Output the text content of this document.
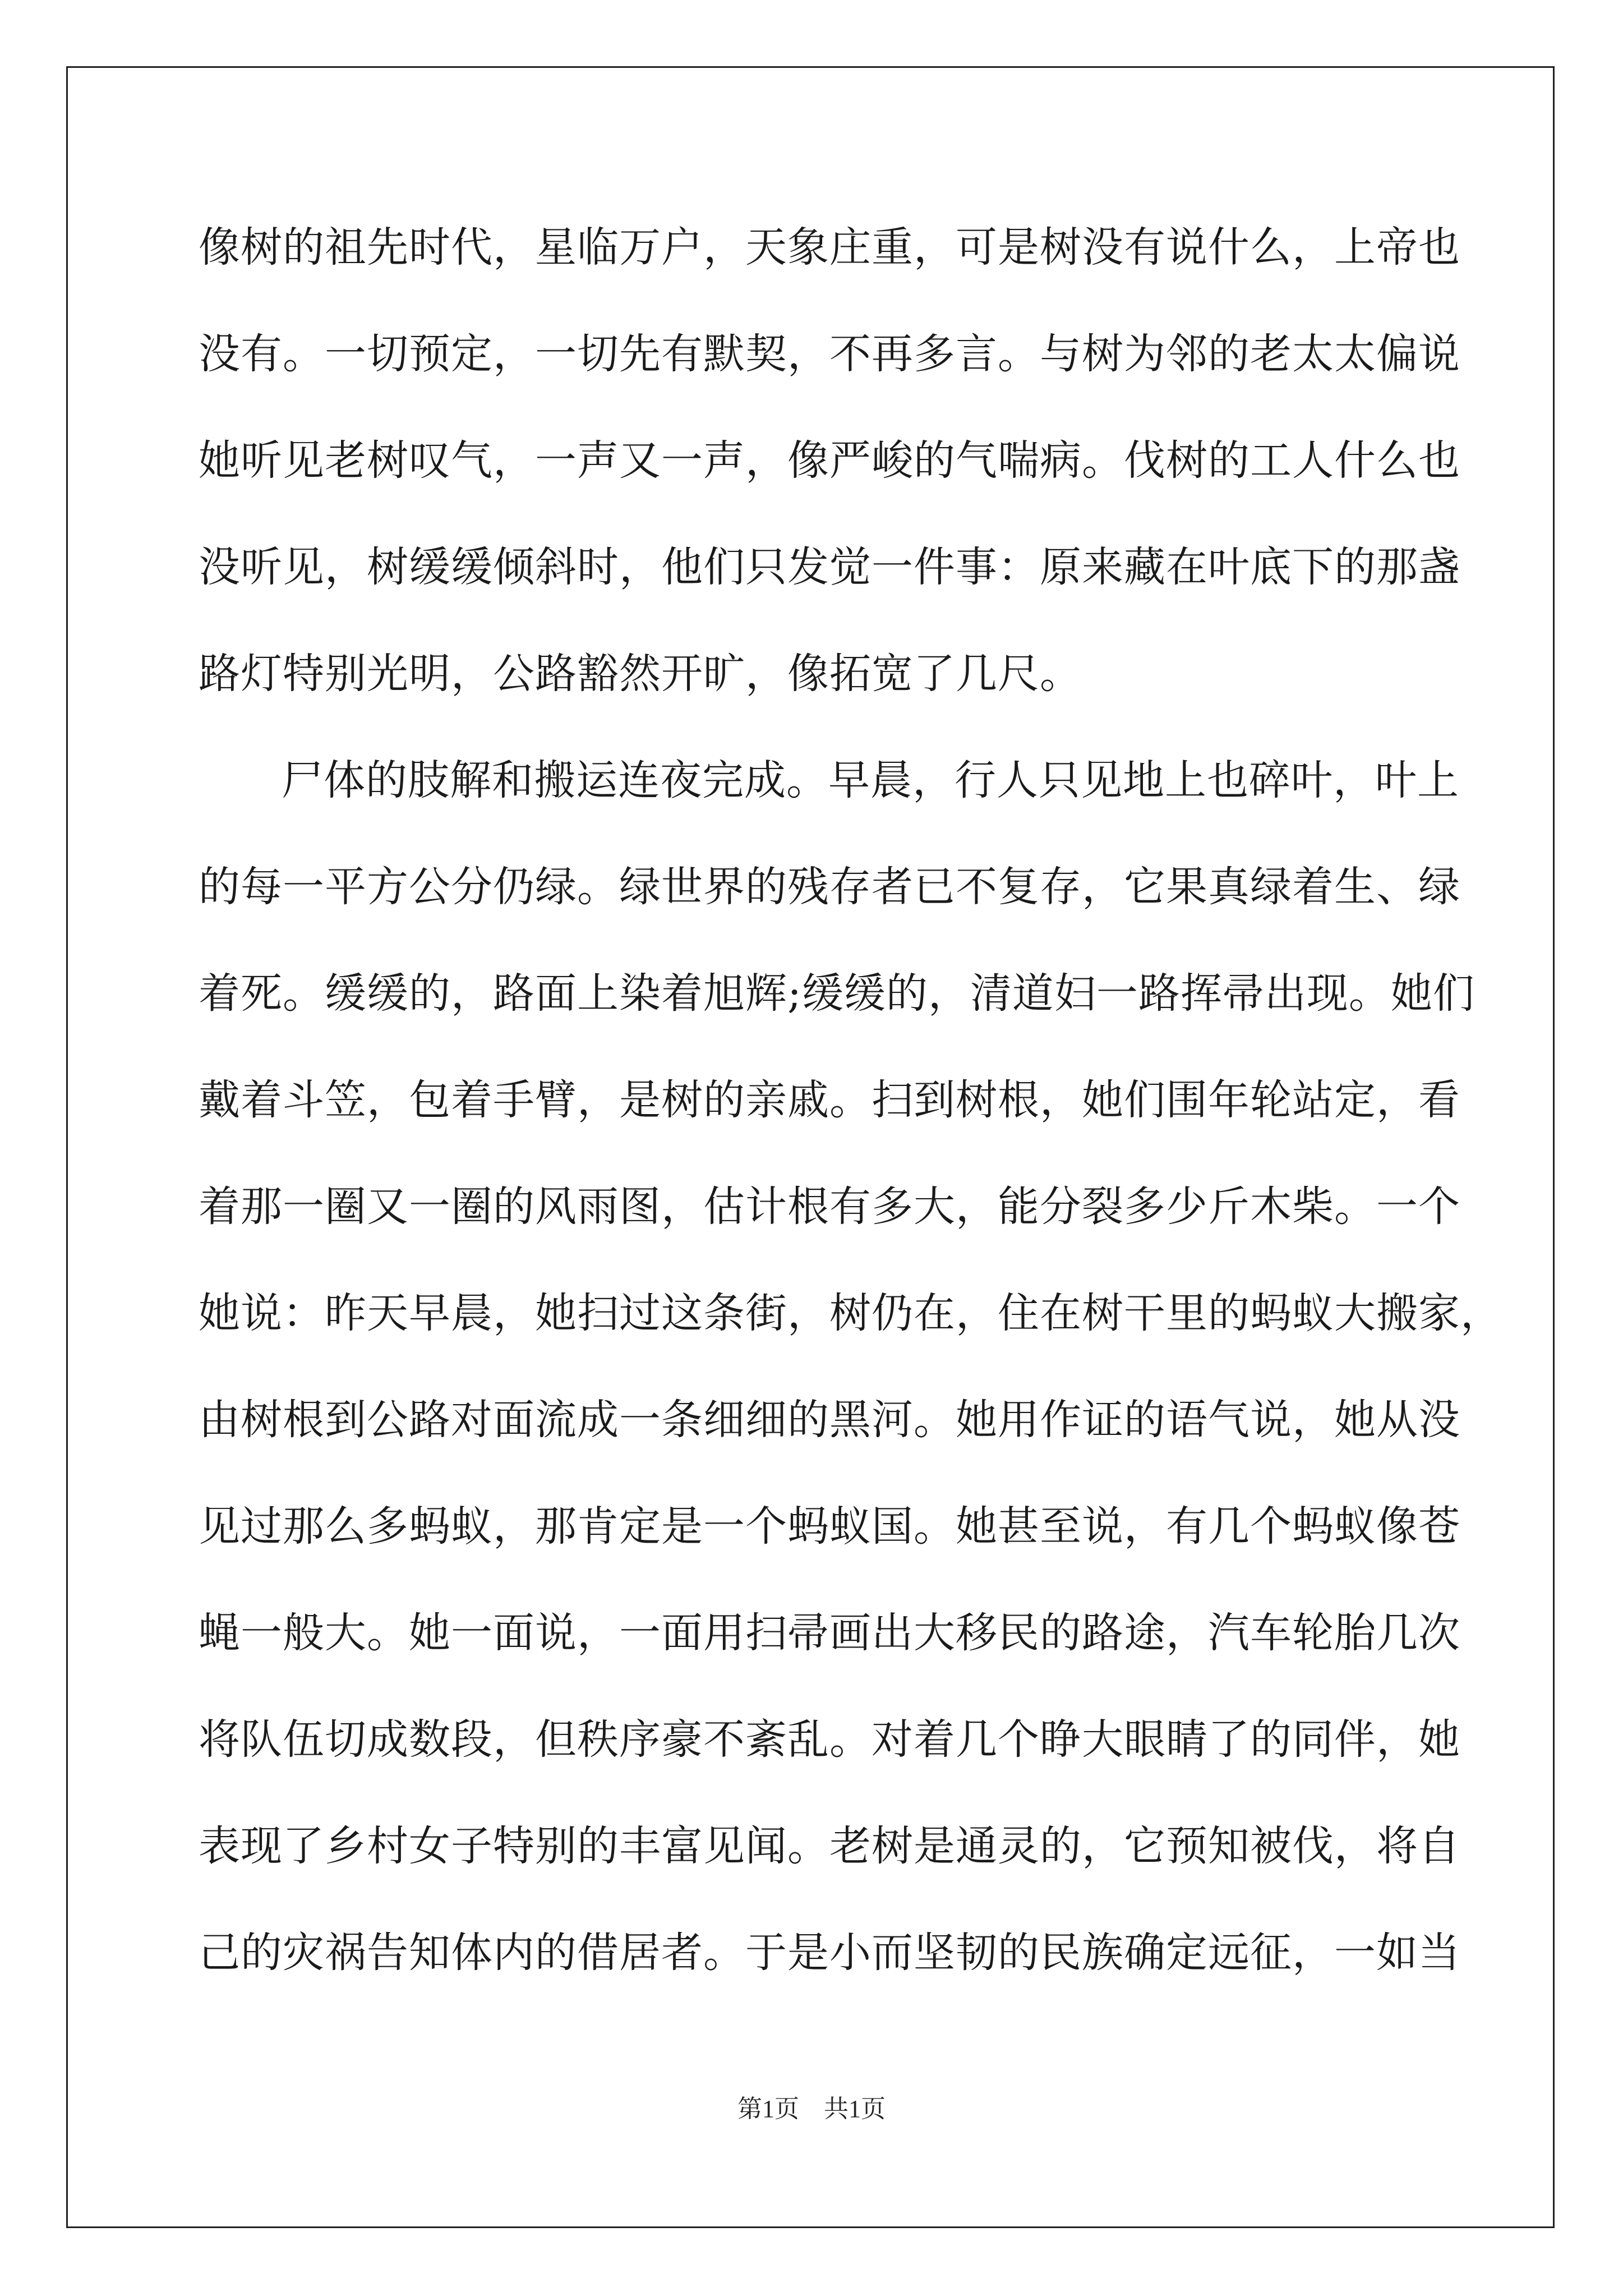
像树的祖先时代，星临万户，天象庄重，可是树没有说什么，上帝也
没有。一切预定，一切先有默契，不再多言。与树为邻的老太太偏说
她听见老树叹气，一声又一声，像严峻的气喘病。伐树的工人什么也
没听见，树缓缓倾斜时，他们只发觉一件事：原来藏在叶底下的那盏
路灯特别光明，公路豁然开旷，像拓宽了几尺。
尸体的肢解和搬运连夜完成。早晨，行人只见地上也碎叶，叶上
的每一平方公分仍绿。绿世界的残存者已不复存，它果真绿着生、绿
着死。缓缓的，路面上染着旭辉;缓缓的，清道妇一路挥帚出现。她们
戴着斗笠，包着手臂，是树的亲戚。扫到树根，她们围年轮站定，看
着那一圈又一圈的风雨图，估计根有多大，能分裂多少斤木柴。一个
她说：昨天早晨，她扫过这条街，树仍在，住在树干里的蚂蚁大搬家，
由树根到公路对面流成一条细细的黑河。她用作证的语气说，她从没
见过那么多蚂蚁，那肯定是一个蚂蚁国。她甚至说，有几个蚂蚁像苍
蝇一般大。她一面说，一面用扫帚画出大移民的路途，汽车轮胎几次
将队伍切成数段，但秩序豪不紊乱。对着几个睁大眼睛了的同伴，她
表现了乡村女子特别的丰富见闻。老树是通灵的，它预知被伐，将自
己的灾祸告知体内的借居者。于是小而坚韧的民族确定远征，一如当
第1页 共1页
